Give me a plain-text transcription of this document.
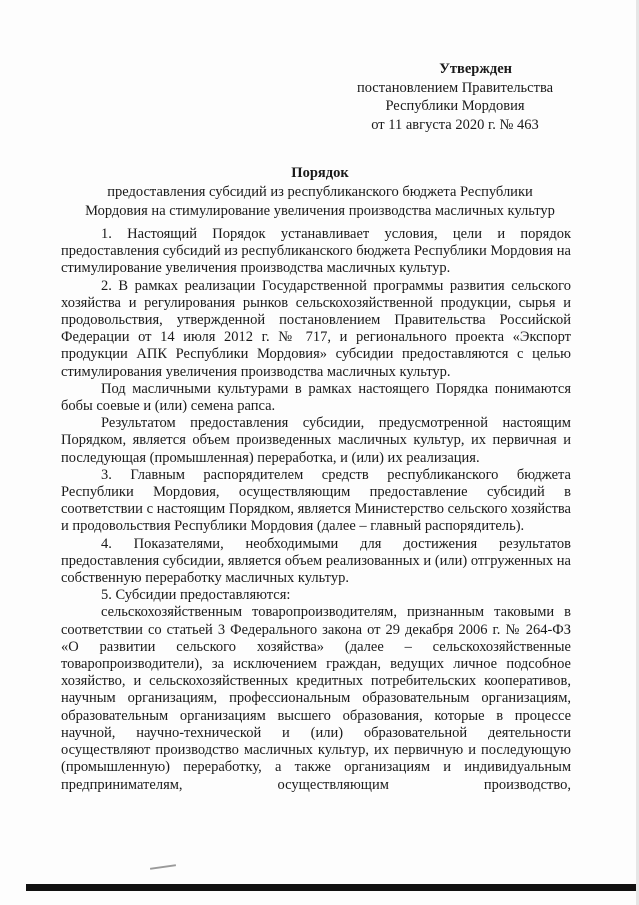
Утвержден
постановлением Правительства
Республики Мордовия
от 11 августа 2020 г. № 463
Порядок
предоставления субсидий из республиканского бюджета Республики
Мордовия на стимулирование увеличения производства масличных культур

1. Настоящий Порядок устанавливает условия, цели и порядок предоставления субсидий из республиканского бюджета Республики Мордовия на стимулирование увеличения производства масличных культур.

2. В рамках реализации Государственной программы развития сельского хозяйства и регулирования рынков сельскохозяйственной продукции, сырья и продовольствия, утвержденной постановлением Правительства Российской Федерации от 14 июля 2012 г. № 717, и регионального проекта «Экспорт продукции АПК Республики Мордовия» субсидии предоставляются с целью стимулирования увеличения производства масличных культур.

Под масличными культурами в рамках настоящего Порядка понимаются бобы соевые и (или) семена рапса.

Результатом предоставления субсидии, предусмотренной настоящим Порядком, является объем произведенных масличных культур, их первичная и последующая (промышленная) переработка, и (или) их реализация.

3. Главным распорядителем средств республиканского бюджета Республики Мордовия, осуществляющим предоставление субсидий в соответствии с настоящим Порядком, является Министерство сельского хозяйства и продовольствия Республики Мордовия (далее – главный распорядитель).

4. Показателями, необходимыми для достижения результатов предоставления субсидии, является объем реализованных и (или) отгруженных на собственную переработку масличных культур.

5. Субсидии предоставляются:

сельскохозяйственным товаропроизводителям, признанным таковыми в соответствии со статьей 3 Федерального закона от 29 декабря 2006 г. № 264-ФЗ «О развитии сельского хозяйства» (далее – сельскохозяйственные товаропроизводители), за исключением граждан, ведущих личное подсобное хозяйство, и сельскохозяйственных кредитных потребительских кооперативов, научным организациям, профессиональным образовательным организациям, образовательным организациям высшего образования, которые в процессе научной, научно-технической и (или) образовательной деятельности осуществляют производство масличных культур, их первичную и последующую (промышленную) переработку, а также организациям и индивидуальным предпринимателям, осуществляющим производство,
